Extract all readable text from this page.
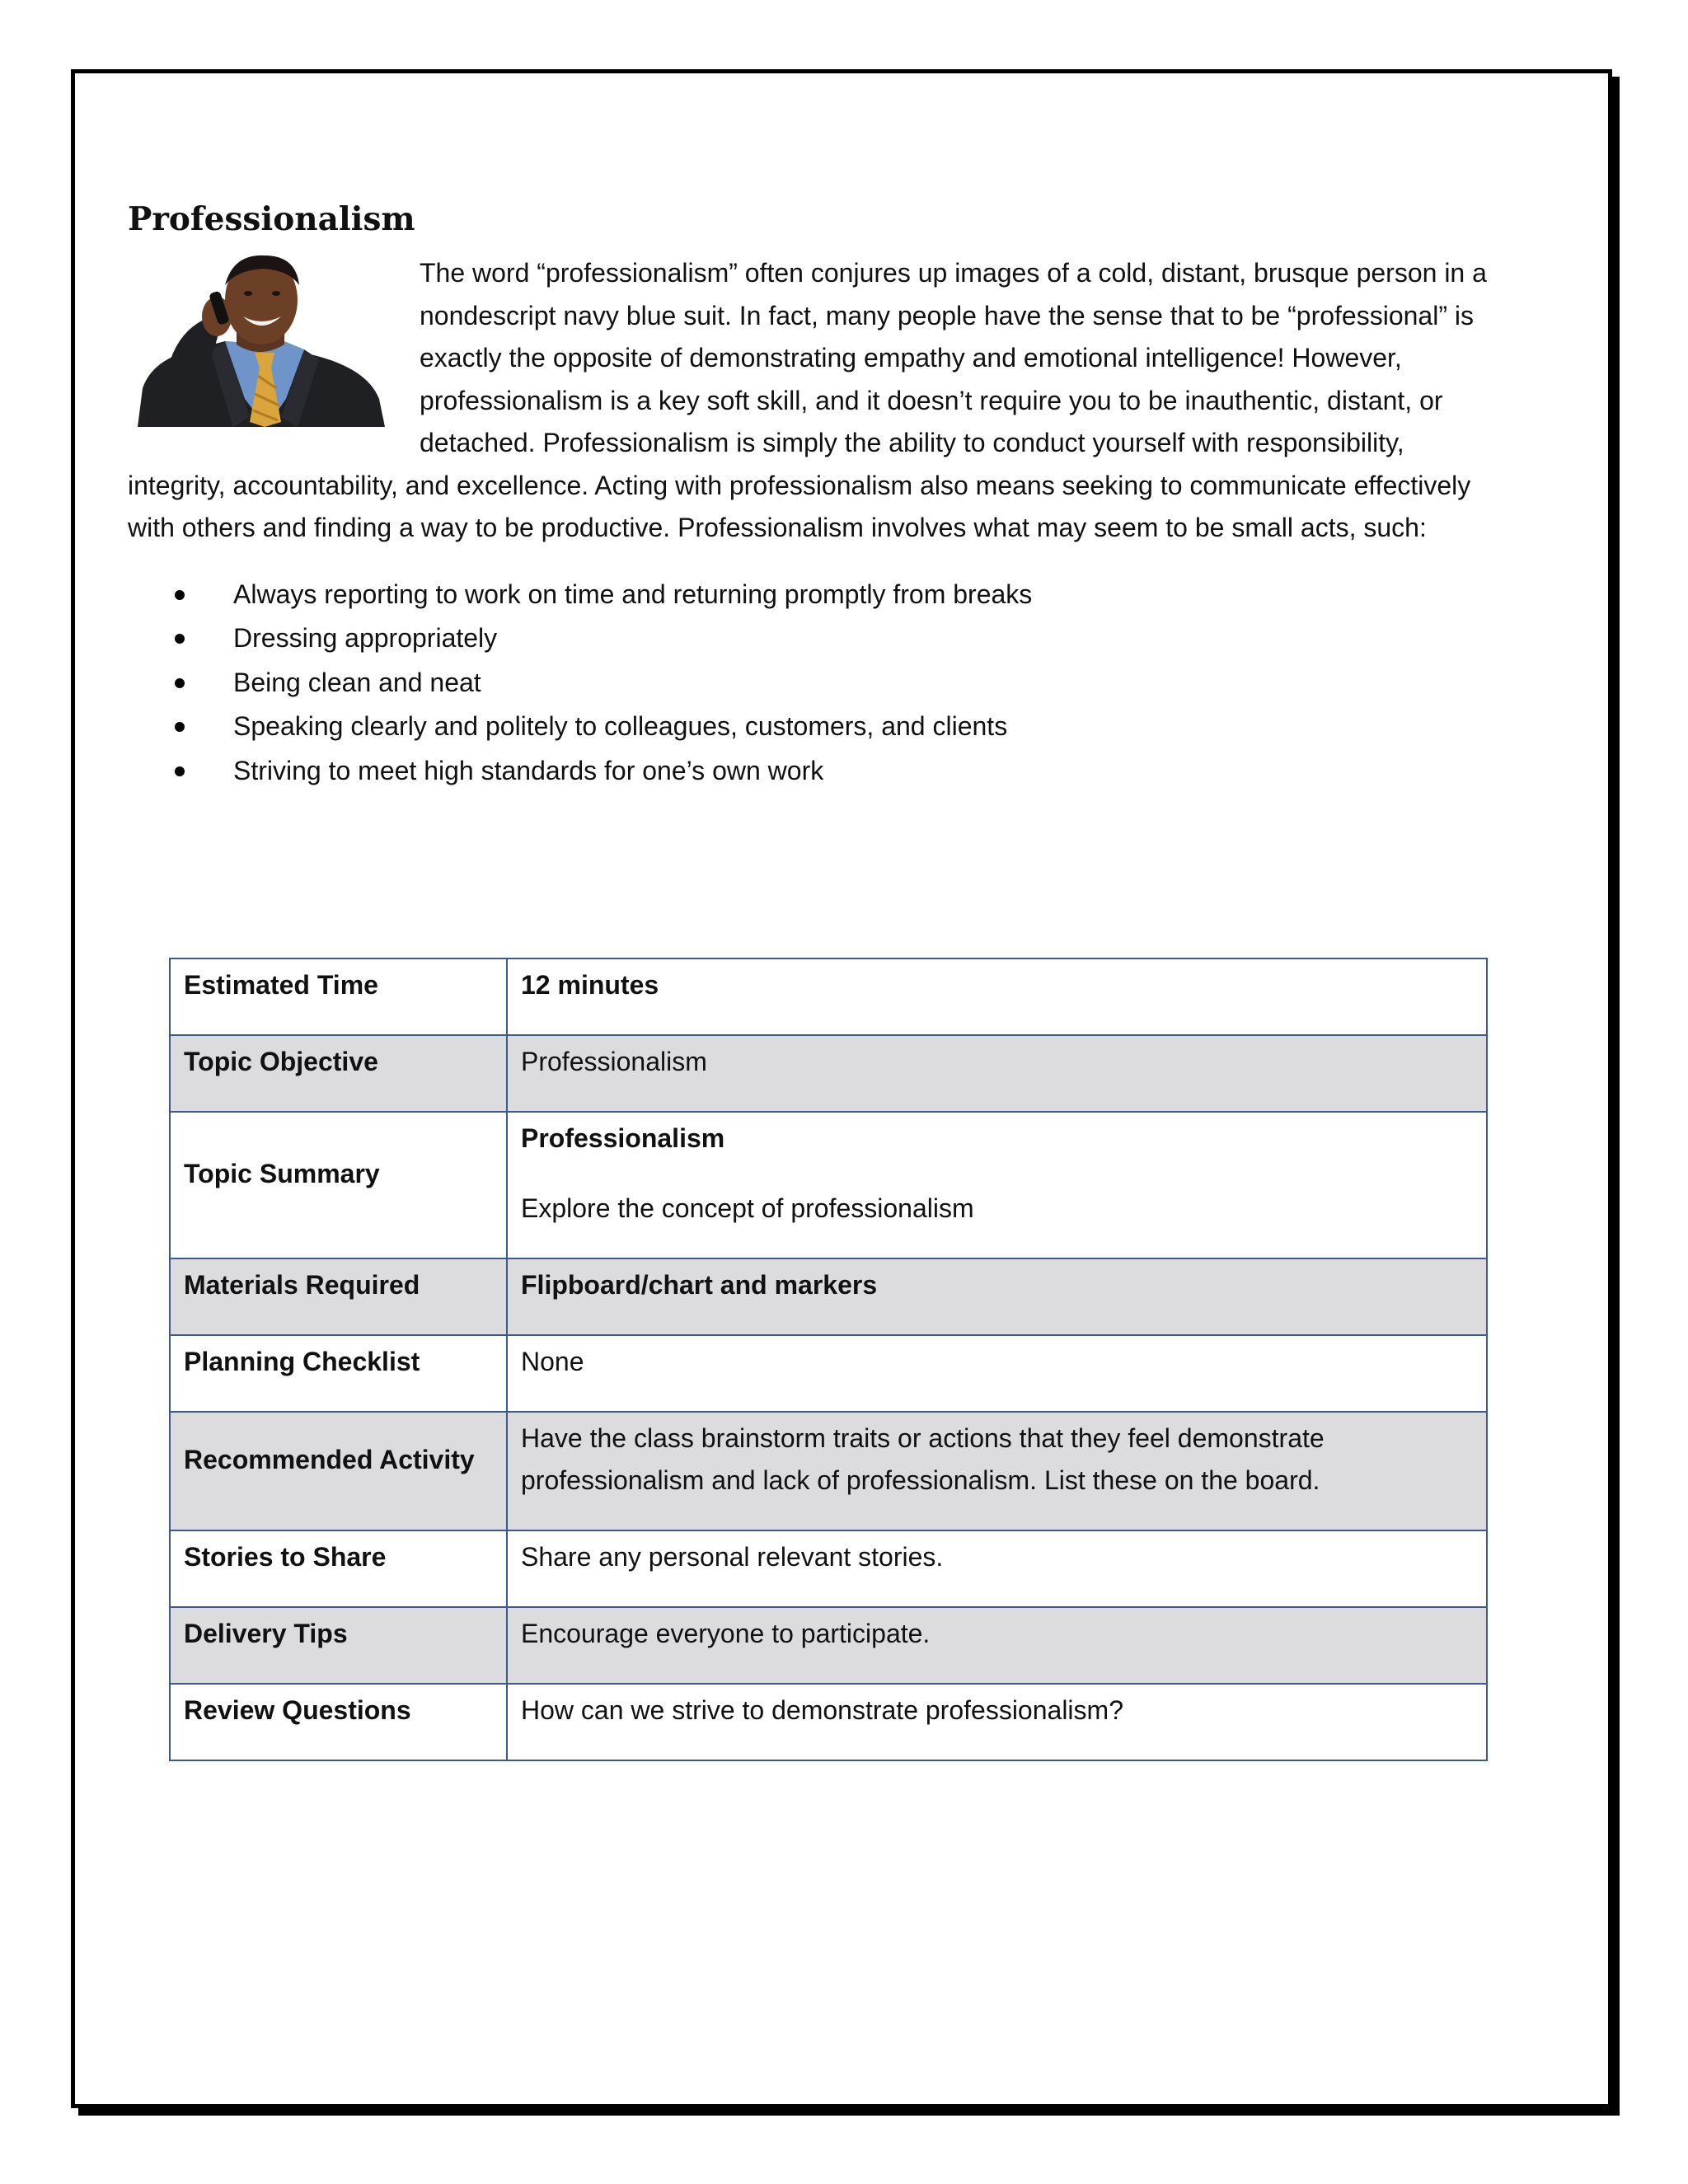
Professionalism

The word “professionalism” often conjures up images of a cold, distant, brusque person in a nondescript navy blue suit. In fact, many people have the sense that to be “professional” is exactly the opposite of demonstrating empathy and emotional intelligence! However, professionalism is a key soft skill, and it doesn’t require you to be inauthentic, distant, or detached. Professionalism is simply the ability to conduct yourself with responsibility, integrity, accountability, and excellence. Acting with professionalism also means seeking to communicate effectively with others and finding a way to be productive. Professionalism involves what may seem to be small acts, such:

Always reporting to work on time and returning promptly from breaks
Dressing appropriately
Being clean and neat
Speaking clearly and politely to colleagues, customers, and clients
Striving to meet high standards for one’s own work
Estimated Time	12 minutes
Topic Objective	Professionalism
Topic Summary	Professionalism
Explore the concept of professionalism

Materials Required	Flipboard/chart and markers
Planning Checklist	None
Recommended Activity	Have the class brainstorm traits or actions that they feel demonstrate professionalism and lack of professionalism. List these on the board.
Stories to Share	Share any personal relevant stories.
Delivery Tips	Encourage everyone to participate.
Review Questions	How can we strive to demonstrate professionalism?
